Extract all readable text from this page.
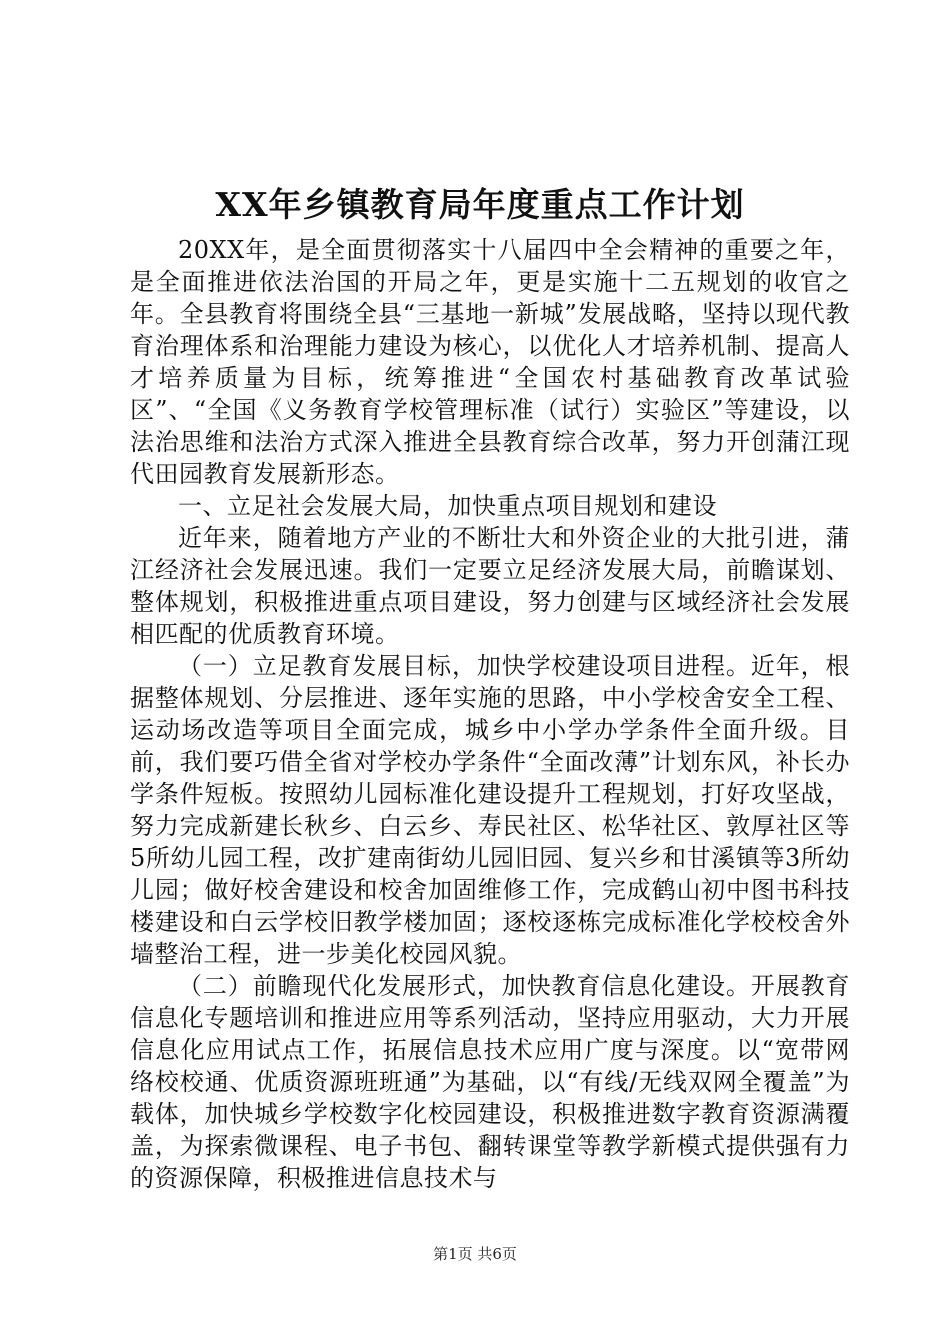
XX年乡镇教育局年度重点工作计划

20XX年，是全面贯彻落实十八届四中全会精神的重要之年，是全面推进依法治国的开局之年，更是实施十二五规划的收官之年。全县教育将围绕全县“三基地一新城”发展战略，坚持以现代教育治理体系和治理能力建设为核心，以优化人才培养机制、提高人才培养质量为目标，统筹推进“全国农村基础教育改革试验区”、“全国《义务教育学校管理标准（试行）实验区”等建设，以法治思维和法治方式深入推进全县教育综合改革，努力开创蒲江现代田园教育发展新形态。

一、立足社会发展大局，加快重点项目规划和建设

近年来，随着地方产业的不断壮大和外资企业的大批引进，蒲江经济社会发展迅速。我们一定要立足经济发展大局，前瞻谋划、整体规划，积极推进重点项目建设，努力创建与区域经济社会发展相匹配的优质教育环境。

（一）立足教育发展目标，加快学校建设项目进程。近年，根据整体规划、分层推进、逐年实施的思路，中小学校舍安全工程、运动场改造等项目全面完成，城乡中小学办学条件全面升级。目前，我们要巧借全省对学校办学条件“全面改薄”计划东风，补长办学条件短板。按照幼儿园标准化建设提升工程规划，打好攻坚战，努力完成新建长秋乡、白云乡、寿民社区、松华社区、敦厚社区等5所幼儿园工程，改扩建南街幼儿园旧园、复兴乡和甘溪镇等3所幼儿园；做好校舍建设和校舍加固维修工作，完成鹤山初中图书科技楼建设和白云学校旧教学楼加固；逐校逐栋完成标准化学校校舍外墙整治工程，进一步美化校园风貌。

（二）前瞻现代化发展形式，加快教育信息化建设。开展教育信息化专题培训和推进应用等系列活动，坚持应用驱动，大力开展信息化应用试点工作，拓展信息技术应用广度与深度。以“宽带网络校校通、优质资源班班通”为基础，以“有线/无线双网全覆盖”为载体，加快城乡学校数字化校园建设，积极推进数字教育资源满覆盖，为探索微课程、电子书包、翻转课堂等教学新模式提供强有力的资源保障，积极推进信息技术与

第1页 共6页
